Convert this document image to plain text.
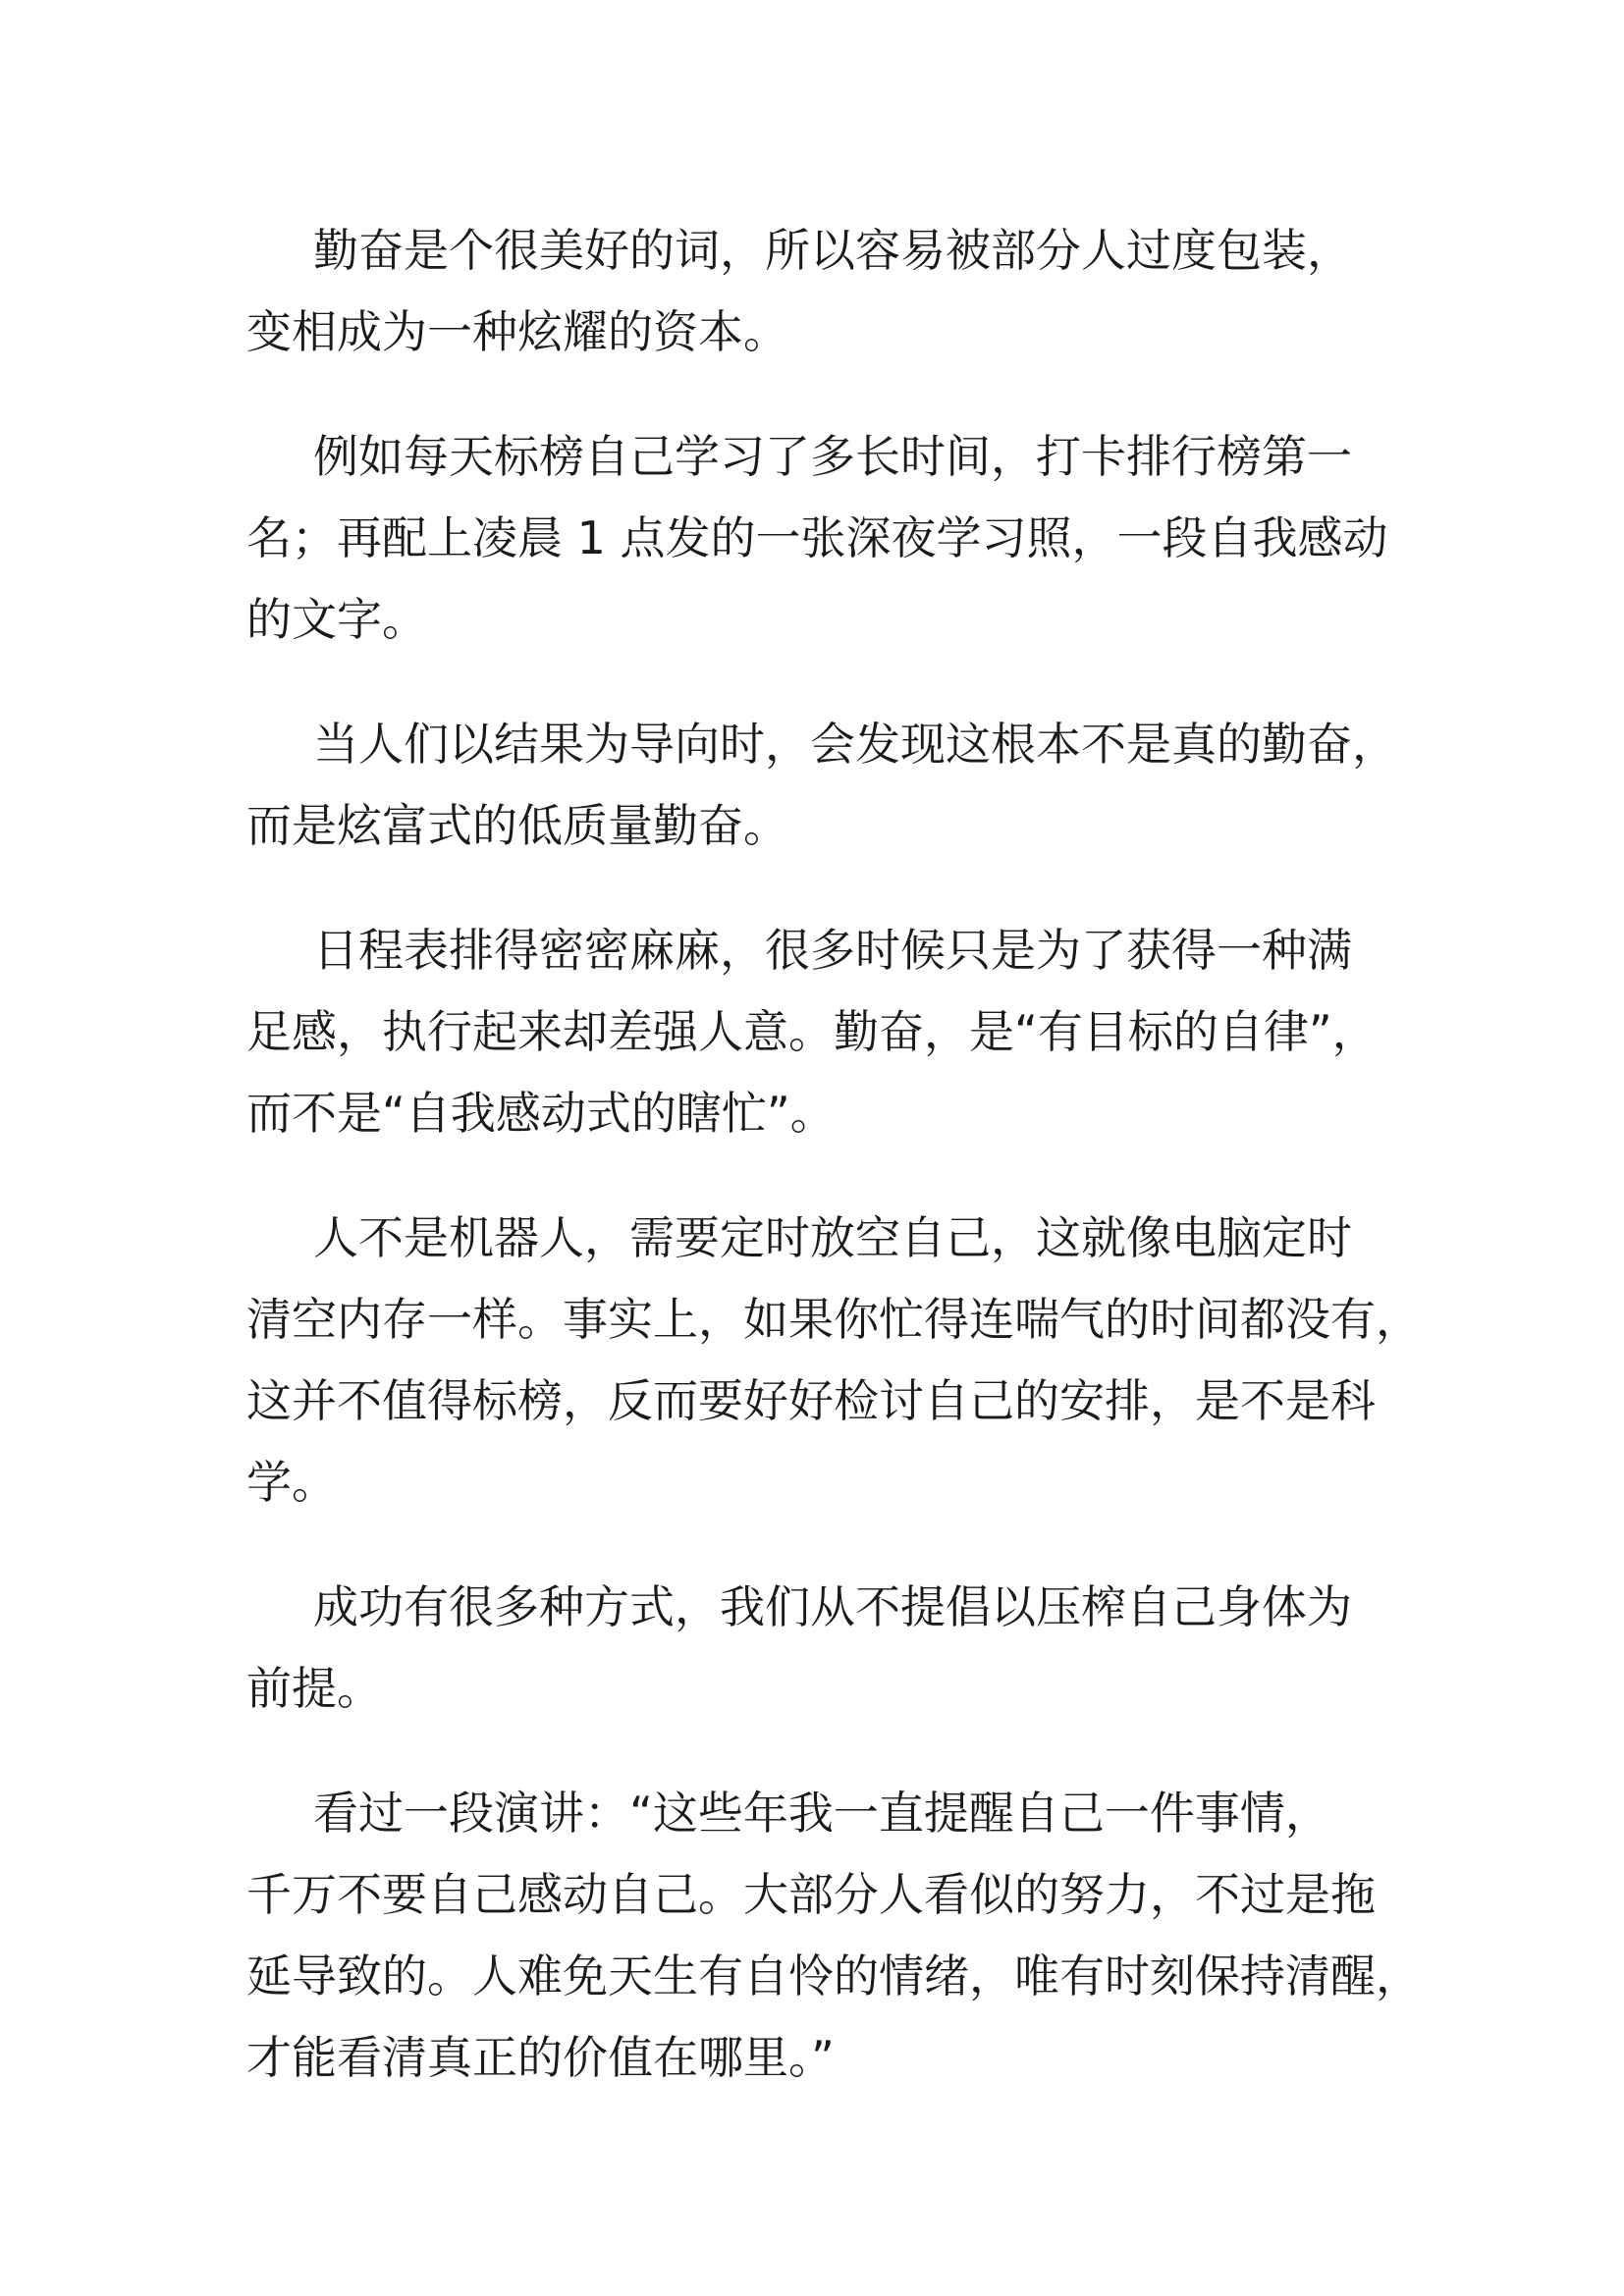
勤奋是个很美好的词，所以容易被部分人过度包装，
变相成为一种炫耀的资本。
例如每天标榜自己学习了多长时间，打卡排行榜第一
名；再配上凌晨 1 点发的一张深夜学习照，一段自我感动
的文字。
当人们以结果为导向时，会发现这根本不是真的勤奋，
而是炫富式的低质量勤奋。
日程表排得密密麻麻，很多时候只是为了获得一种满
足感，执行起来却差强人意。勤奋，是“有目标的自律”，
而不是“自我感动式的瞎忙”。
人不是机器人，需要定时放空自己，这就像电脑定时
清空内存一样。事实上，如果你忙得连喘气的时间都没有，
这并不值得标榜，反而要好好检讨自己的安排，是不是科
学。
成功有很多种方式，我们从不提倡以压榨自己身体为
前提。
看过一段演讲：“这些年我一直提醒自己一件事情，
千万不要自己感动自己。大部分人看似的努力，不过是拖
延导致的。人难免天生有自怜的情绪，唯有时刻保持清醒，
才能看清真正的价值在哪里。”
